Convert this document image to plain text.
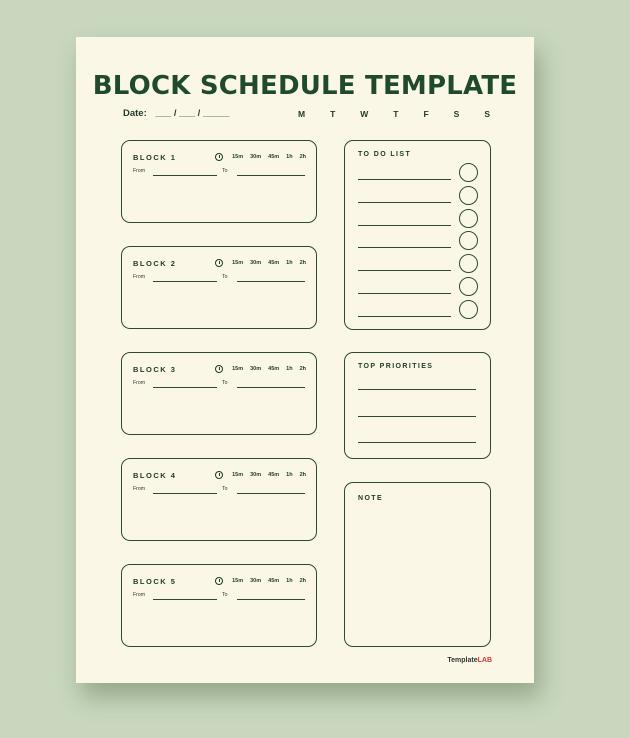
BLOCK SCHEDULE TEMPLATE
Date: ___ / ___ / _____	M	T	W	T	F	S	S
BLOCK 1	15m 30m 45m 1h 2h
From	To
BLOCK 2	15m 30m 45m 1h 2h
From	To
BLOCK 3	15m 30m 45m 1h 2h
From	To
BLOCK 4	15m 30m 45m 1h 2h
From	To
BLOCK 5	15m 30m 45m 1h 2h
From	To
TO DO LIST
TOP PRIORITIES
NOTE
TemplateLAB
